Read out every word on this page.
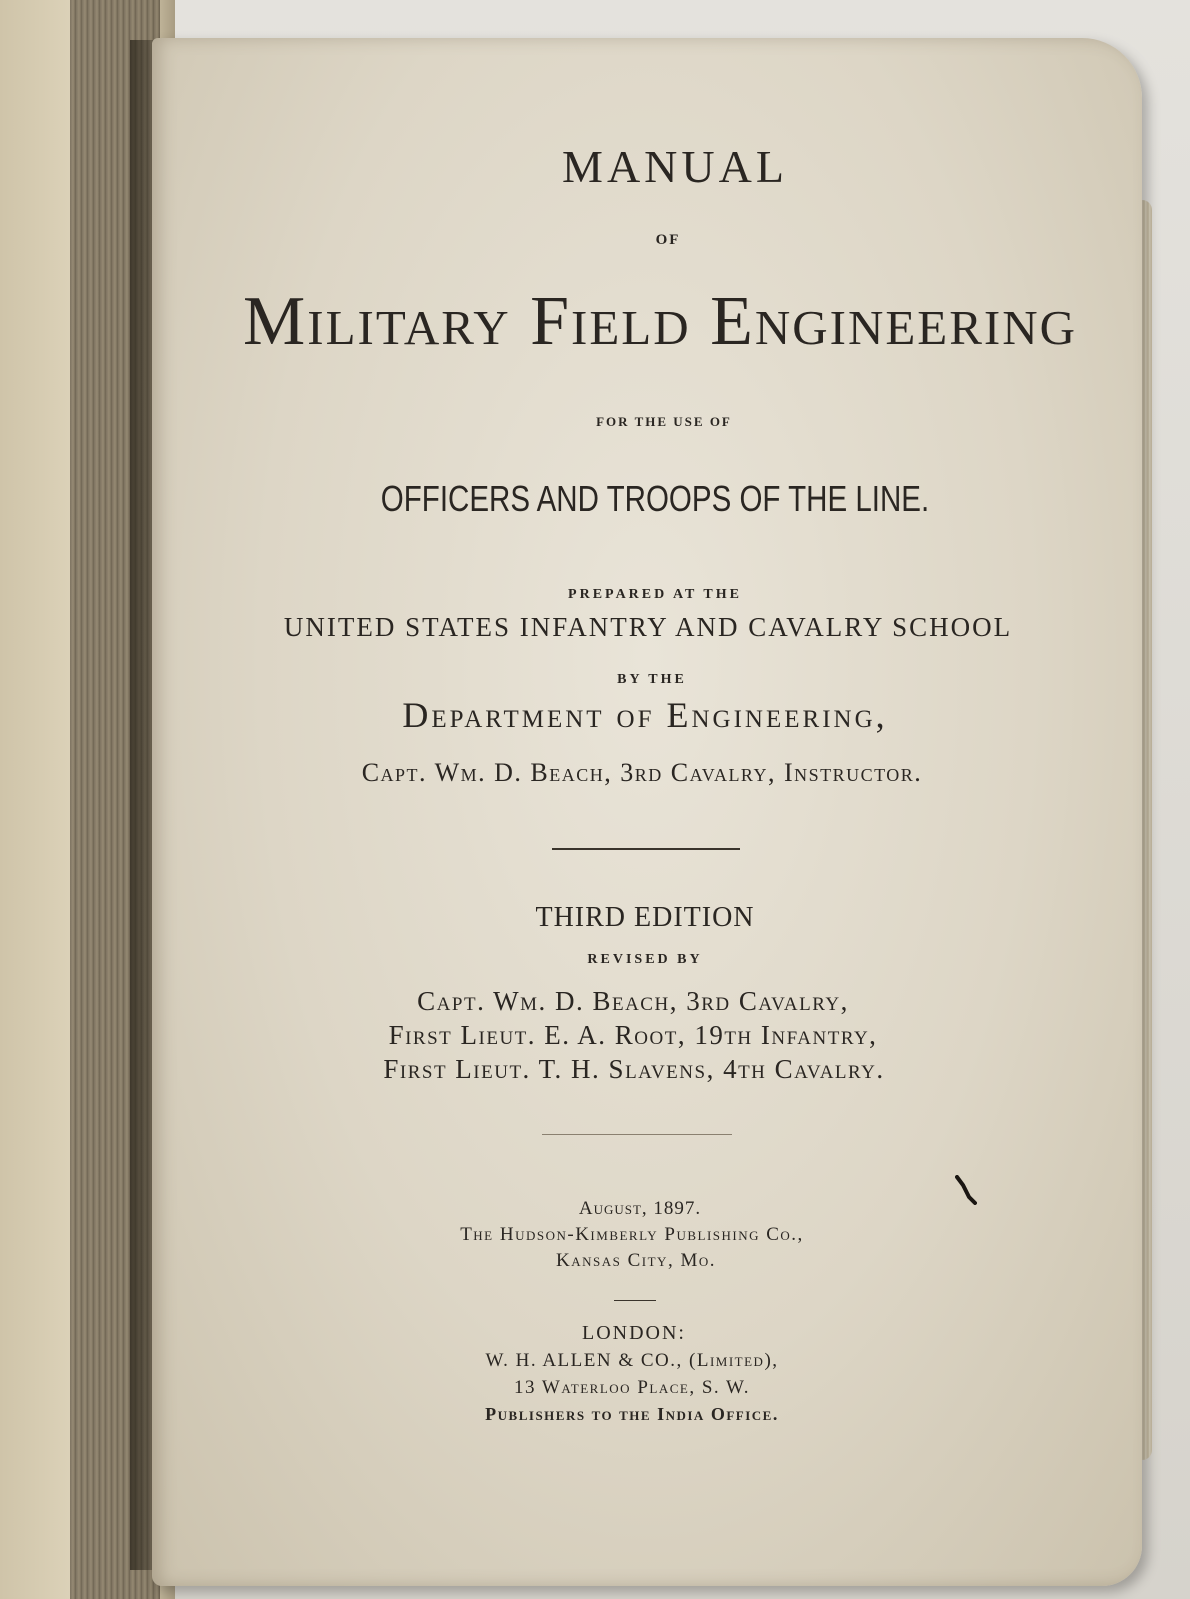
MANUAL
OF
Military Field Engineering
FOR THE USE OF
OFFICERS AND TROOPS OF THE LINE.
PREPARED AT THE
UNITED STATES INFANTRY AND CAVALRY SCHOOL
BY THE
Department of Engineering,
Capt. Wm. D. Beach, 3rd Cavalry, Instructor.
THIRD EDITION
REVISED BY
Capt. Wm. D. Beach, 3rd Cavalry,
First Lieut. E. A. Root, 19th Infantry,
First Lieut. T. H. Slavens, 4th Cavalry.
August, 1897.
The Hudson-Kimberly Publishing Co.,
Kansas City, Mo.
LONDON:
W. H. ALLEN & CO., (Limited),
13 Waterloo Place, S. W.
Publishers to the India Office.
